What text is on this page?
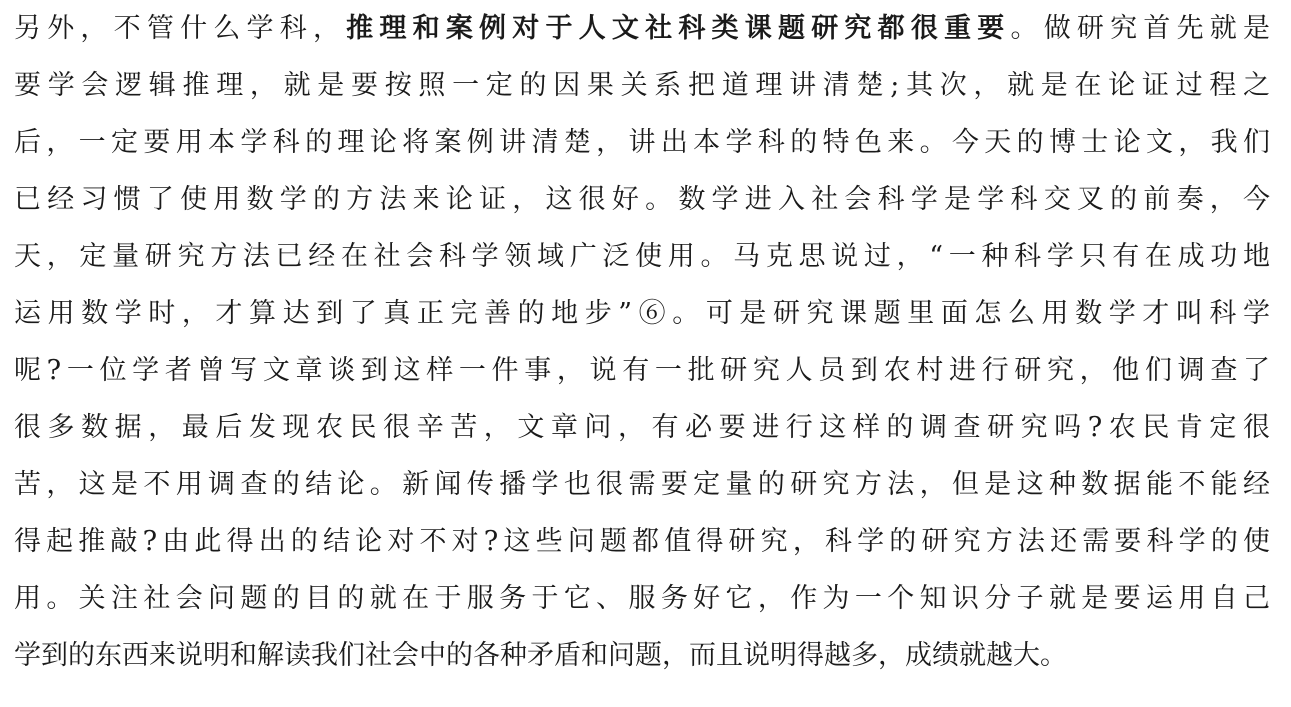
另外，不管什么学科，推理和案例对于人文社科类课题研究都很重要。做研究首先就是
要学会逻辑推理，就是要按照一定的因果关系把道理讲清楚;其次，就是在论证过程之
后，一定要用本学科的理论将案例讲清楚，讲出本学科的特色来。今天的博士论文，我们
已经习惯了使用数学的方法来论证，这很好。数学进入社会科学是学科交叉的前奏，今
天，定量研究方法已经在社会科学领域广泛使用。马克思说过，“一种科学只有在成功地
运用数学时，才算达到了真正完善的地步”⑥。可是研究课题里面怎么用数学才叫科学
呢?一位学者曾写文章谈到这样一件事，说有一批研究人员到农村进行研究，他们调查了
很多数据，最后发现农民很辛苦，文章问，有必要进行这样的调查研究吗?农民肯定很
苦，这是不用调查的结论。新闻传播学也很需要定量的研究方法，但是这种数据能不能经
得起推敲?由此得出的结论对不对?这些问题都值得研究，科学的研究方法还需要科学的使
用。关注社会问题的目的就在于服务于它、服务好它，作为一个知识分子就是要运用自己
学到的东西来说明和解读我们社会中的各种矛盾和问题，而且说明得越多，成绩就越大。
